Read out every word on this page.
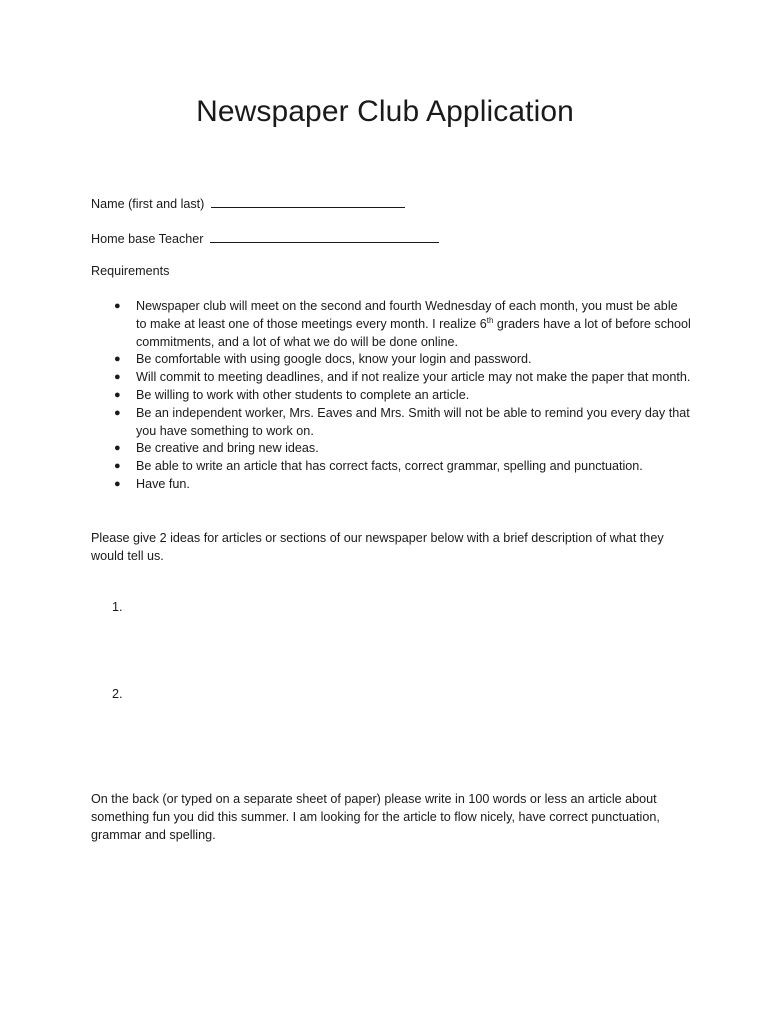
Newspaper Club Application
Name (first and last)
Home base Teacher
Requirements
● Newspaper club will meet on the second and fourth Wednesday of each month, you must be able to make at least one of those meetings every month. I realize 6th graders have a lot of before school commitments, and a lot of what we do will be done online.
● Be comfortable with using google docs, know your login and password.
● Will commit to meeting deadlines, and if not realize your article may not make the paper that month.
● Be willing to work with other students to complete an article.
● Be an independent worker, Mrs. Eaves and Mrs. Smith will not be able to remind you every day that you have something to work on.
● Be creative and bring new ideas.
● Be able to write an article that has correct facts, correct grammar, spelling and punctuation.
● Have fun.

Please give 2 ideas for articles or sections of our newspaper below with a brief description of what they would tell us.

1.
2.

On the back (or typed on a separate sheet of paper) please write in 100 words or less an article about something fun you did this summer. I am looking for the article to flow nicely, have correct punctuation, grammar and spelling.
